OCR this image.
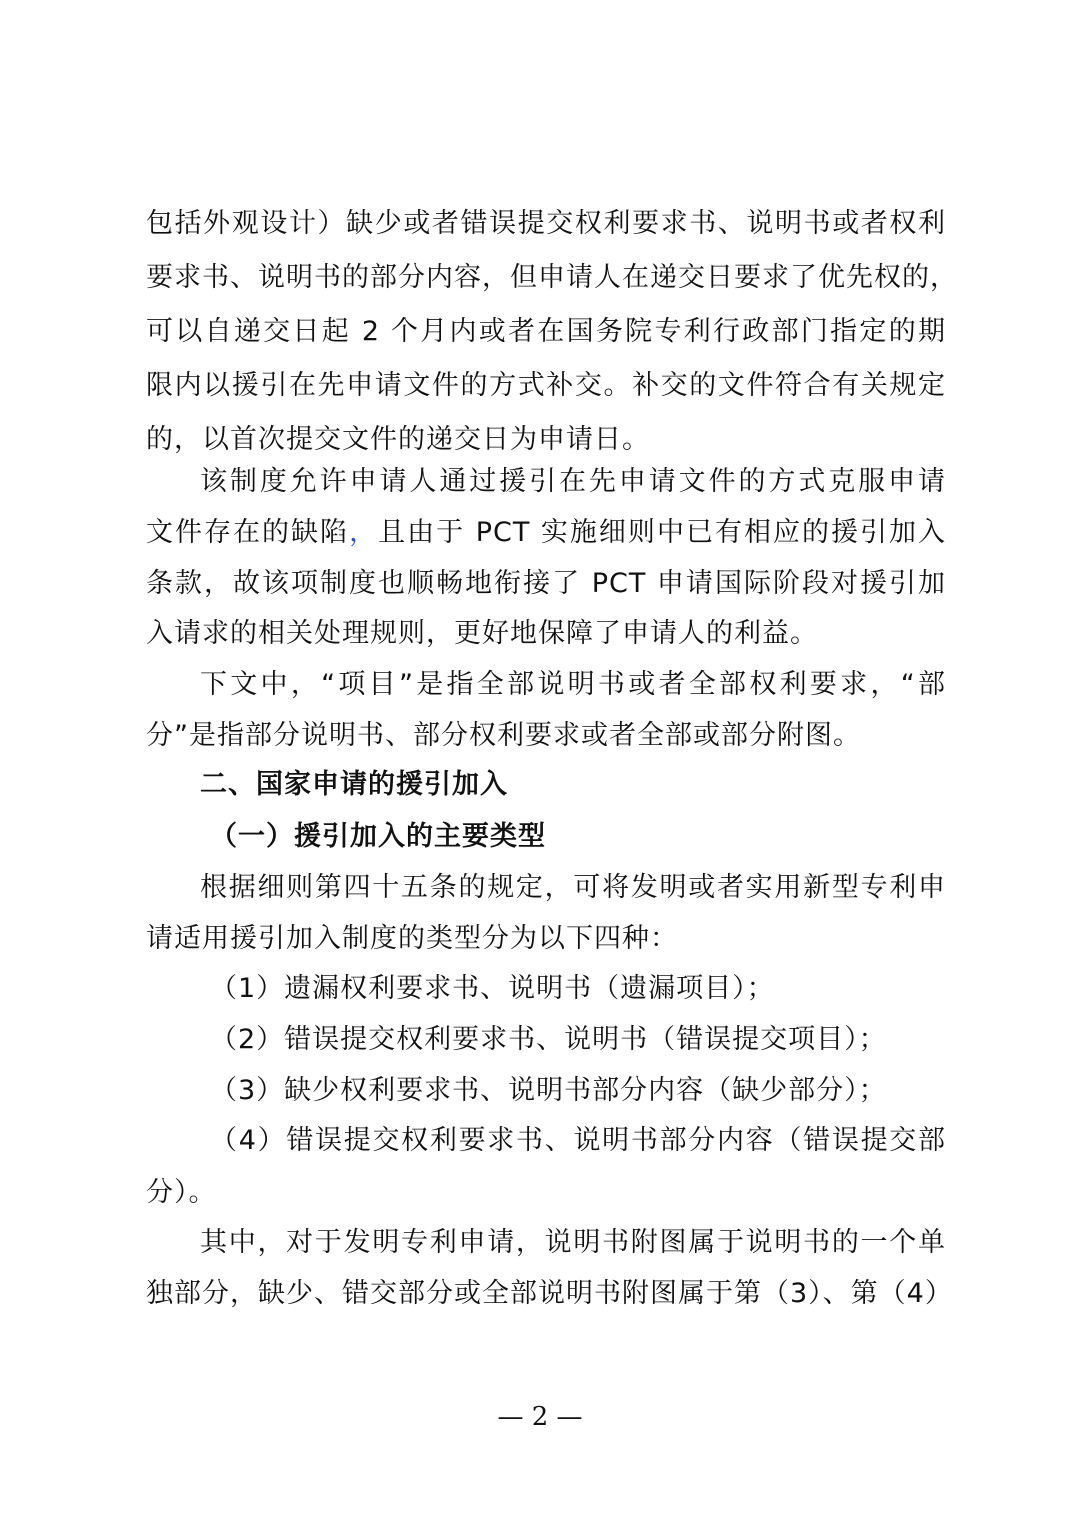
包括外观设计）缺少或者错误提交权利要求书、说明书或者权利
要求书、说明书的部分内容，但申请人在递交日要求了优先权的，
可以自递交日起 2 个月内或者在国务院专利行政部门指定的期
限内以援引在先申请文件的方式补交。补交的文件符合有关规定
的，以首次提交文件的递交日为申请日。
该制度允许申请人通过援引在先申请文件的方式克服申请
文件存在的缺陷，且由于 PCT 实施细则中已有相应的援引加入
条款，故该项制度也顺畅地衔接了 PCT 申请国际阶段对援引加
入请求的相关处理规则，更好地保障了申请人的利益。
下文中，“项目”是指全部说明书或者全部权利要求，“部
分”是指部分说明书、部分权利要求或者全部或部分附图。
二、国家申请的援引加入
（一）援引加入的主要类型
根据细则第四十五条的规定，可将发明或者实用新型专利申
请适用援引加入制度的类型分为以下四种：
（1）遗漏权利要求书、说明书（遗漏项目）；
（2）错误提交权利要求书、说明书（错误提交项目）；
（3）缺少权利要求书、说明书部分内容（缺少部分）；
（4）错误提交权利要求书、说明书部分内容（错误提交部
分）。
其中，对于发明专利申请，说明书附图属于说明书的一个单
独部分，缺少、错交部分或全部说明书附图属于第（3）、第（4）
— 2 —
